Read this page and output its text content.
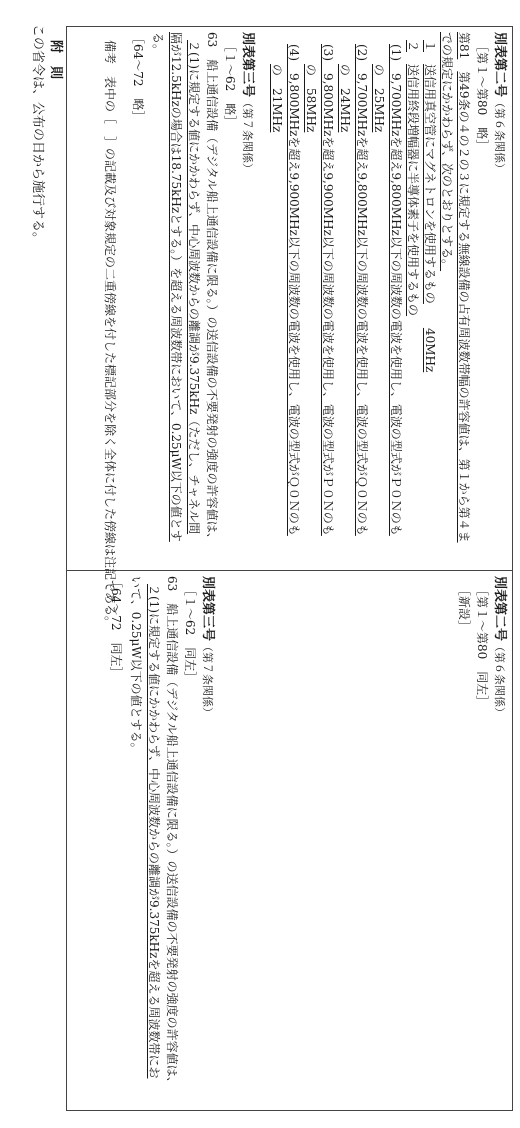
別表第二号（第６条関係）
［第１～第80　略］
第81　第49条の４の２の３に規定する無線設備の占有周波数帯幅の許容値は、第１から第４ま
での規定にかかわらず、次のとおりとする。
１　送信用真空管にマグネトロンを使用するもの　　40MHz
２　送信用終段増幅器に半導体素子を使用するもの
(1)　9,700MHzを超え9,800MHz以下の周波数の電波を使用し、電波の型式がＰ０Ｎのも
の　25MHz
(2)　9,700MHzを超え9,800MHz以下の周波数の電波を使用し、電波の型式がＱ０Ｎのも
の　24MHz
(3)　9,800MHzを超え9,900MHz以下の周波数の電波を使用し、電波の型式がＰ０Ｎのも
の　58MHz
(4)　9,800MHzを超え9,900MHz以下の周波数の電波を使用し、電波の型式がＱ０Ｎのも
の　21MHz
別表第三号（第７条関係）
［１～62　略］
63　船上通信設備（デジタル船上通信設備に限る。）の送信設備の不要発射の強度の許容値は、
２(1)に規定する値にかかわらず、中心周波数からの離調が9.375kHz（ただし、チャネル間
隔が12.5kHzの場合は18.75kHzとする。）を超える周波数帯において、0.25μW以下の値とす
る。
［64～72　略］
別表第二号（第６条関係）
［第１～第80　同左］
［新設］
別表第三号（第７条関係）
［１～62　同左］
63　船上通信設備（デジタル船上通信設備に限る。）の送信設備の不要発射の強度の許容値は、
２(1)に規定する値にかかわらず、中心周波数からの離調が9.375kHzを超える周波数帯にお
いて、0.25μW以下の値とする。
［64～72　同左］
備考　表中の［　］の記載及び対象規定の二重傍線を付した標記部分を除く全体に付した傍線は注記である。
附　則
この省令は、公布の日から施行する。
